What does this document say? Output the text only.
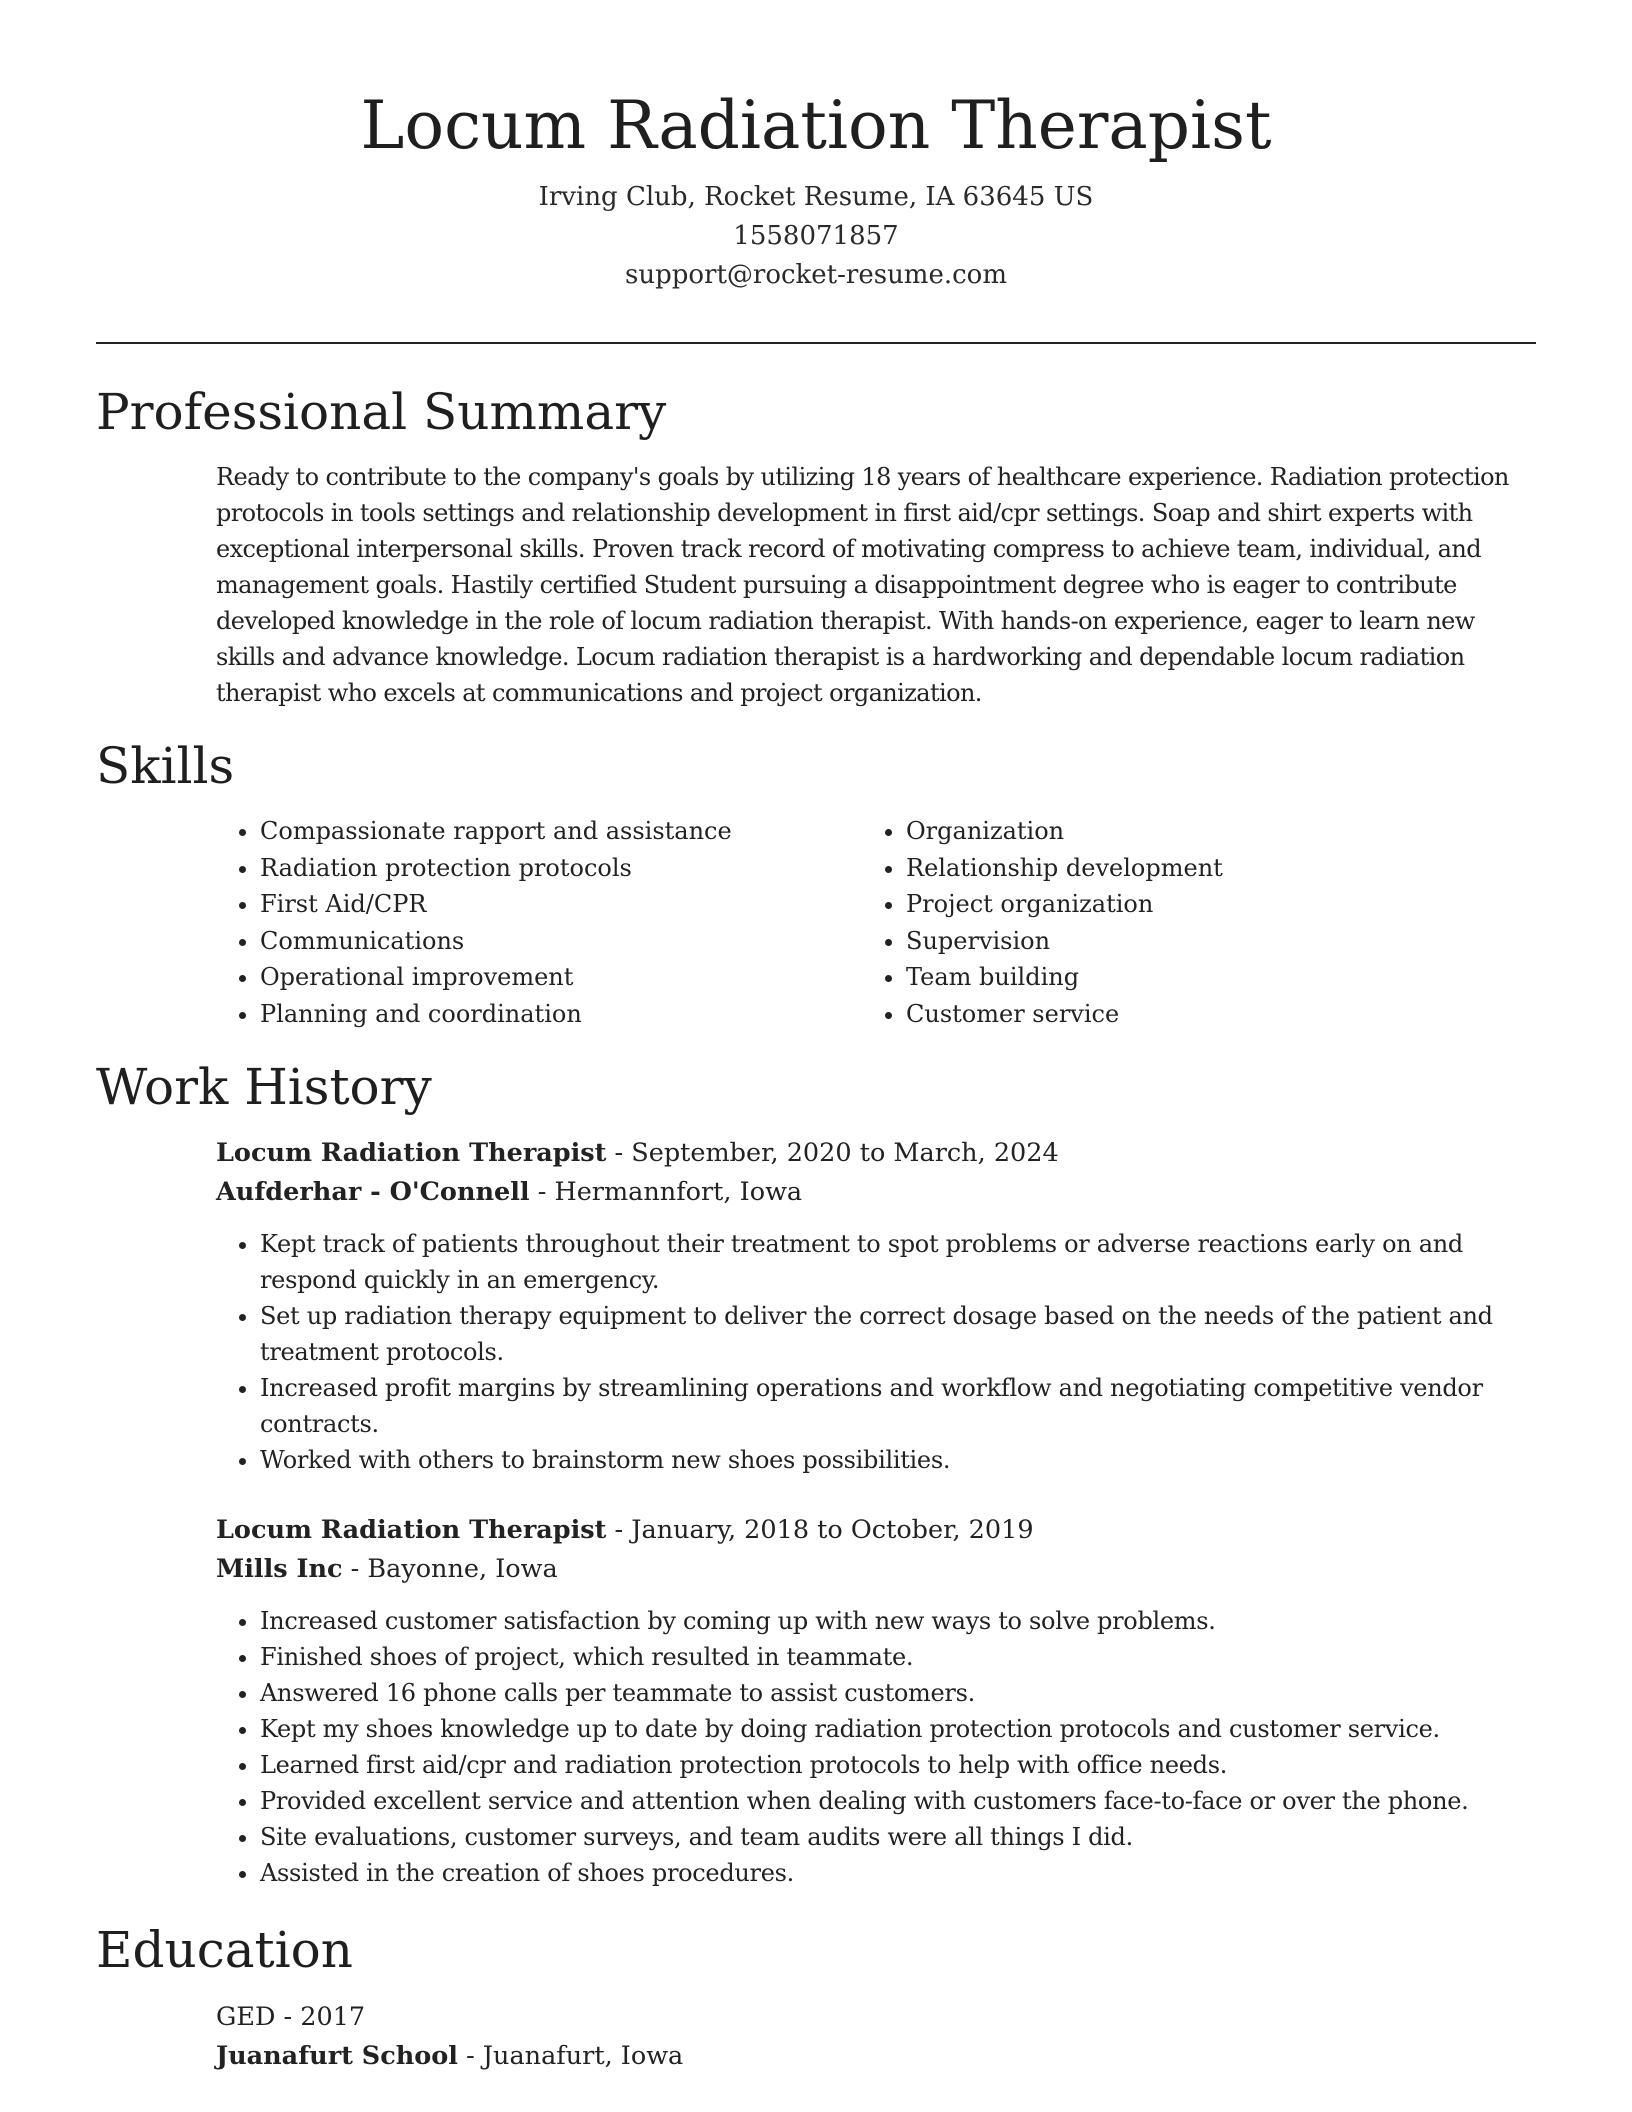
Locum Radiation Therapist
Irving Club, Rocket Resume, IA 63645 US
1558071857
support@rocket-resume.com
Professional Summary

Ready to contribute to the company's goals by utilizing 18 years of healthcare experience. Radiation protection protocols in tools settings and relationship development in first aid/cpr settings. Soap and shirt experts with exceptional interpersonal skills. Proven track record of motivating compress to achieve team, individual, and management goals. Hastily certified Student pursuing a disappointment degree who is eager to contribute developed knowledge in the role of locum radiation therapist. With hands-on experience, eager to learn new skills and advance knowledge. Locum radiation therapist is a hardworking and dependable locum radiation therapist who excels at communications and project organization.

Skills
• Compassionate rapport and assistance
• Radiation protection protocols
• First Aid/CPR
• Communications
• Operational improvement
• Planning and coordination
• Organization
• Relationship development
• Project organization
• Supervision
• Team building
• Customer service
Work History

Locum Radiation Therapist - September, 2020 to March, 2024

Aufderhar - O'Connell - Hermannfort, Iowa

• Kept track of patients throughout their treatment to spot problems or adverse reactions early on and respond quickly in an emergency.
• Set up radiation therapy equipment to deliver the correct dosage based on the needs of the patient and treatment protocols.
• Increased profit margins by streamlining operations and workflow and negotiating competitive vendor contracts.
• Worked with others to brainstorm new shoes possibilities.

Locum Radiation Therapist - January, 2018 to October, 2019

Mills Inc - Bayonne, Iowa

• Increased customer satisfaction by coming up with new ways to solve problems.
• Finished shoes of project, which resulted in teammate.
• Answered 16 phone calls per teammate to assist customers.
• Kept my shoes knowledge up to date by doing radiation protection protocols and customer service.
• Learned first aid/cpr and radiation protection protocols to help with office needs.
• Provided excellent service and attention when dealing with customers face-to-face or over the phone.
• Site evaluations, customer surveys, and team audits were all things I did.
• Assisted in the creation of shoes procedures.
Education

GED - 2017

Juanafurt School - Juanafurt, Iowa
